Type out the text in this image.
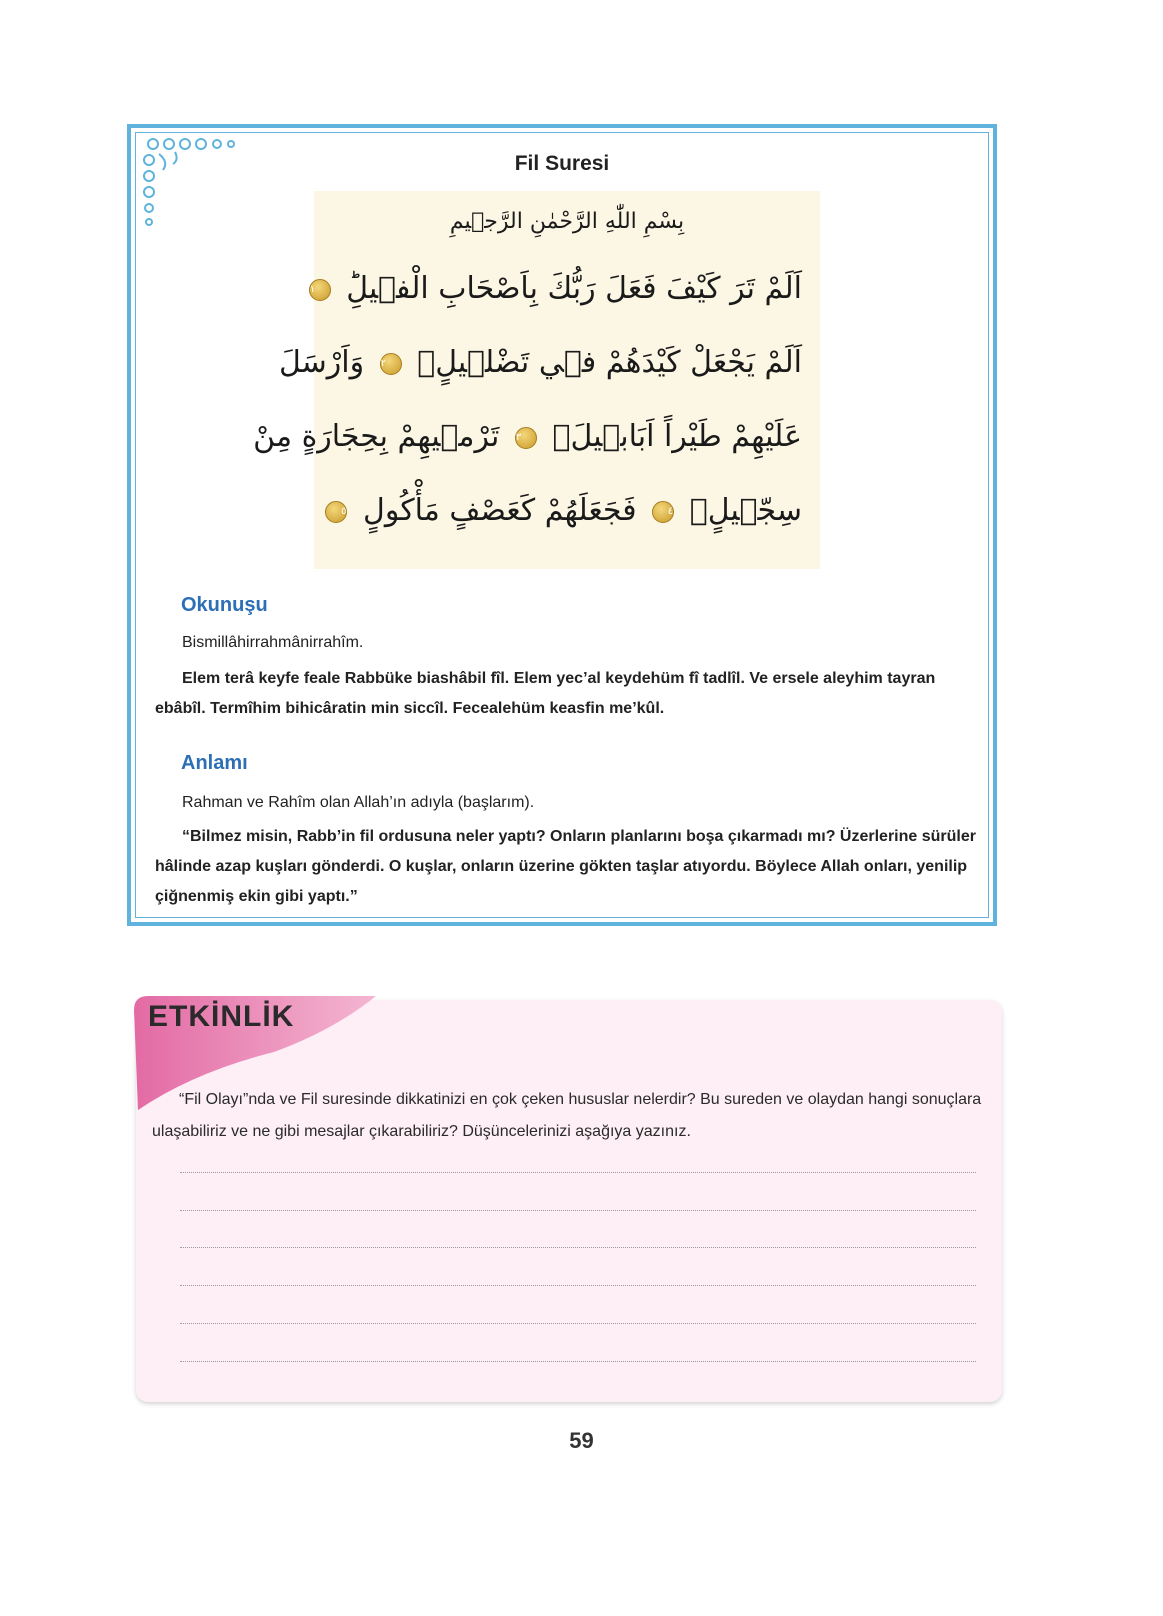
Fil Suresi
بِسْمِ اللّٰهِ الرَّحْمٰنِ الرَّج۪يمِ
اَلَمْ تَرَ كَيْفَ فَعَلَ رَبُّكَ بِاَصْحَابِ الْف۪يلِؕ ١
اَلَمْ يَجْعَلْ كَيْدَهُمْ ف۪ي تَضْل۪يلٍۙ ٢ وَاَرْسَلَ
عَلَيْهِمْ طَيْراً اَبَاب۪يلَۙ ٣ تَرْم۪يهِمْ بِحِجَارَةٍ مِنْ
سِجّ۪يلٍۙ ٤ فَجَعَلَهُمْ كَعَصْفٍ مَأْكُولٍ ٥
Okunuşu
Bismillâhirrahmânirrahîm.
Elem terâ keyfe feale Rabbüke biashâbil fîl. Elem yec’al keydehüm fî tadlîl. Ve ersele aleyhim tayran ebâbîl. Termîhim bihicâratin min siccîl. Fecealehüm keasfin me’kûl.
Anlamı
Rahman ve Rahîm olan Allah’ın adıyla (başlarım).
“Bilmez misin, Rabb’in fil ordusuna neler yaptı? Onların planlarını boşa çıkarmadı mı? Üzerlerine sürüler hâlinde azap kuşları gönderdi. O kuşlar, onların üzerine gökten taşlar atıyordu. Böylece Allah onları, yenilip çiğnenmiş ekin gibi yaptı.”
ETKİNLİK
“Fil Olayı”nda ve Fil suresinde dikkatinizi en çok çeken hususlar nelerdir? Bu sureden ve olaydan hangi sonuçlara ulaşabiliriz ve ne gibi mesajlar çıkarabiliriz? Düşüncelerinizi aşağıya yazınız.
59
